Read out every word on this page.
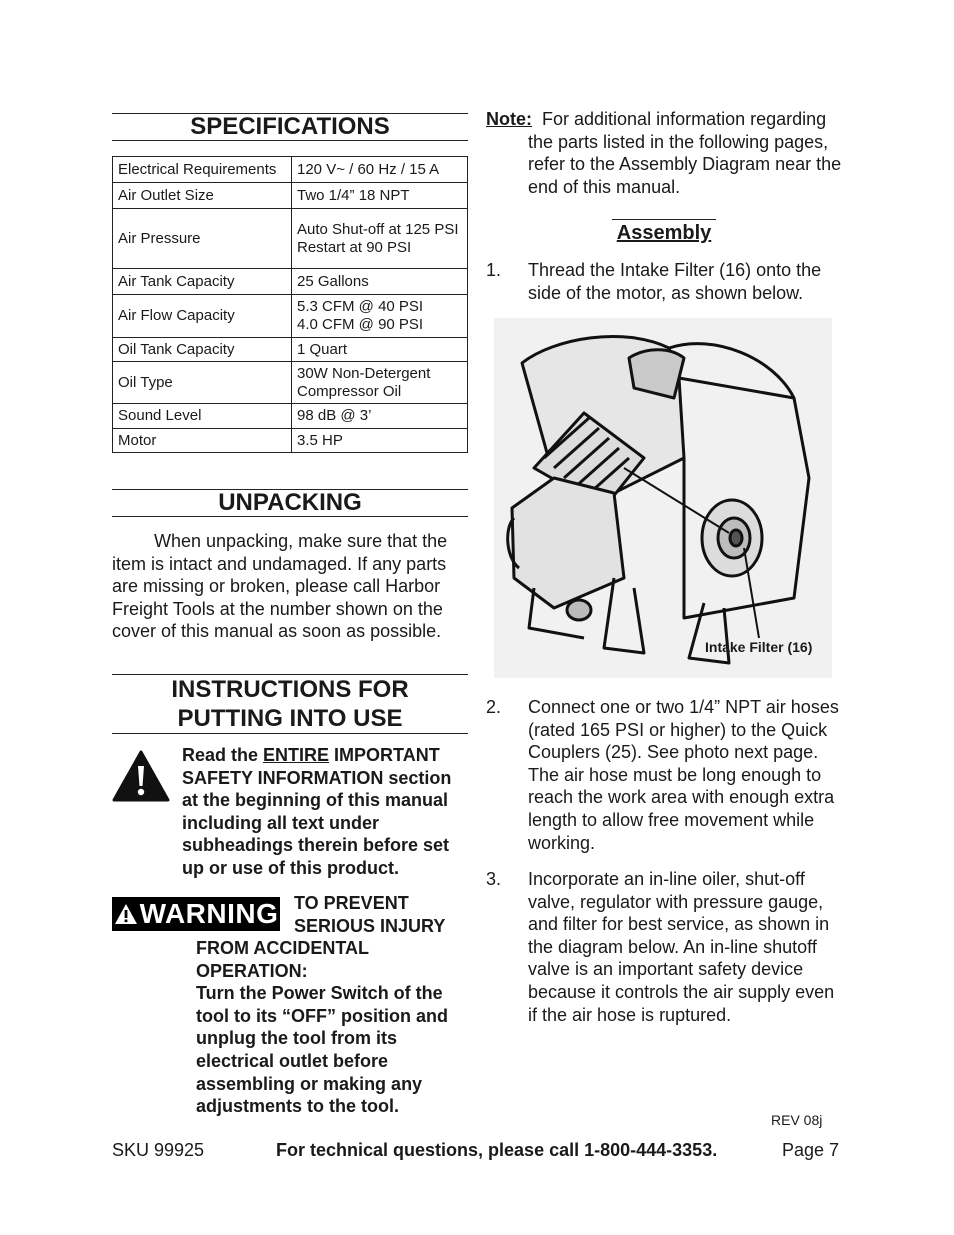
SPECIFICATIONS
Electrical Requirements	120 V~ / 60 Hz / 15 A
Air Outlet Size	Two 1/4” 18 NPT
Air Pressure	Auto Shut-off at 125 PSI
Restart at 90 PSI
Air Tank Capacity	25 Gallons
Air Flow Capacity	5.3 CFM @ 40 PSI
4.0 CFM @ 90 PSI
Oil Tank Capacity	1 Quart
Oil Type	30W Non-Detergent Compressor Oil
Sound Level	98 dB @ 3’
Motor	3.5 HP
UNPACKING
When unpacking, make sure that the item is intact and undamaged. If any parts are missing or broken, please call Harbor Freight Tools at the number shown on the cover of this manual as soon as possible.
INSTRUCTIONS FOR
PUTTING INTO USE
Read the ENTIRE IMPORTANT SAFETY INFORMATION section at the beginning of this manual including all text under subheadings therein before set up or use of this product.
WARNING TO PREVENT
SERIOUS INJURY
FROM ACCIDENTAL OPERATION:
Turn the Power Switch of the tool to its “OFF” position and unplug the tool from its electrical outlet before assembling or making any adjustments to the tool.
Note: For additional information regarding the parts listed in the following pages, refer to the Assembly Diagram near the end of this manual.
Assembly
1. Thread the Intake Filter (16) onto the side of the motor, as shown below.
Intake Filter (16)
2. Connect one or two 1/4” NPT air hoses (rated 165 PSI or higher) to the Quick Couplers (25). See photo next page. The air hose must be long enough to reach the work area with enough extra length to allow free movement while working.
3. Incorporate an in-line oiler, shut-off valve, regulator with pressure gauge, and filter for best service, as shown in the diagram below. An in-line shutoff valve is an important safety device because it controls the air supply even if the air hose is ruptured.
REV 08j
SKU 99925	For technical questions, please call 1-800-444-3353.	Page 7
